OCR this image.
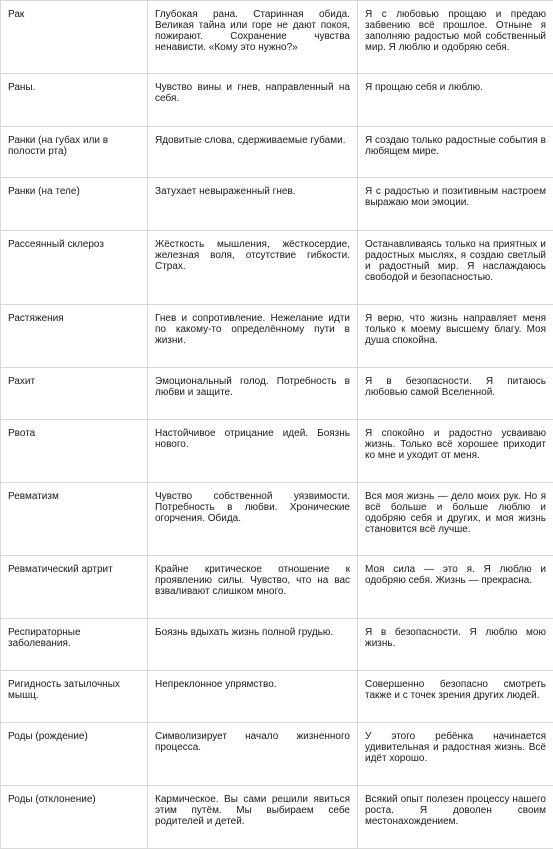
Рак	Глубокая рана. Старинная обида. Великая тайна или горе не дают покоя, пожирают. Сохранение чувства ненависти. «Кому это нужно?»	Я с любовью прощаю и предаю забвению всё прошлое. Отныне я заполняю радостью мой собственный мир. Я люблю и одобряю себя.
Раны.	Чувство вины и гнев, направленный на себя.	Я прощаю себя и люблю.
Ранки (на губах или в полости рта)	Ядовитые слова, сдерживаемые губами.	Я создаю только радостные события в любящем мире.
Ранки (на теле)	Затухает невыраженный гнев.	Я с радостью и позитивным настроем выражаю мои эмоции.
Рассеянный склероз	Жёсткость мышления, жёсткосердие, железная воля, отсутствие гибкости. Страх.	Останавливаясь только на приятных и радостных мыслях, я создаю светлый и радостный мир. Я наслаждаюсь свободой и безопасностью.
Растяжения	Гнев и сопротивление. Нежелание идти по какому-то определённому пути в жизни.	Я верю, что жизнь направляет меня только к моему высшему благу. Моя душа спокойна.
Рахит	Эмоциональный голод. Потребность в любви и защите.	Я в безопасности. Я питаюсь любовью самой Вселенной.
Рвота	Настойчивое отрицание идей. Боязнь нового.	Я спокойно и радостно усваиваю жизнь. Только всё хорошее приходит ко мне и уходит от меня.
Ревматизм	Чувство собственной уязвимости. Потребность в любви. Хронические огорчения. Обида.	Вся моя жизнь — дело моих рук. Но я всё больше и больше люблю и одобряю себя и других, и моя жизнь становится всё лучше.
Ревматический артрит	Крайне критическое отношение к проявлению силы. Чувство, что на вас взваливают слишком много.	Моя сила — это я. Я люблю и одобряю себя. Жизнь — прекрасна.
Респираторные заболевания.	Боязнь вдыхать жизнь полной грудью.	Я в безопасности. Я люблю мою жизнь.
Ригидность затылочных мышц.	Непреклонное упрямство.	Совершенно безопасно смотреть также и с точек зрения других людей.
Роды (рождение)	Символизирует начало жизненного процесса.	У этого ребёнка начинается удивительная и радостная жизнь. Всё идёт хорошо.
Роды (отклонение)	Кармическое. Вы сами решили явиться этим путём. Мы выбираем себе родителей и детей.	Всякий опыт полезен процессу нашего роста. Я доволен своим местонахождением.
